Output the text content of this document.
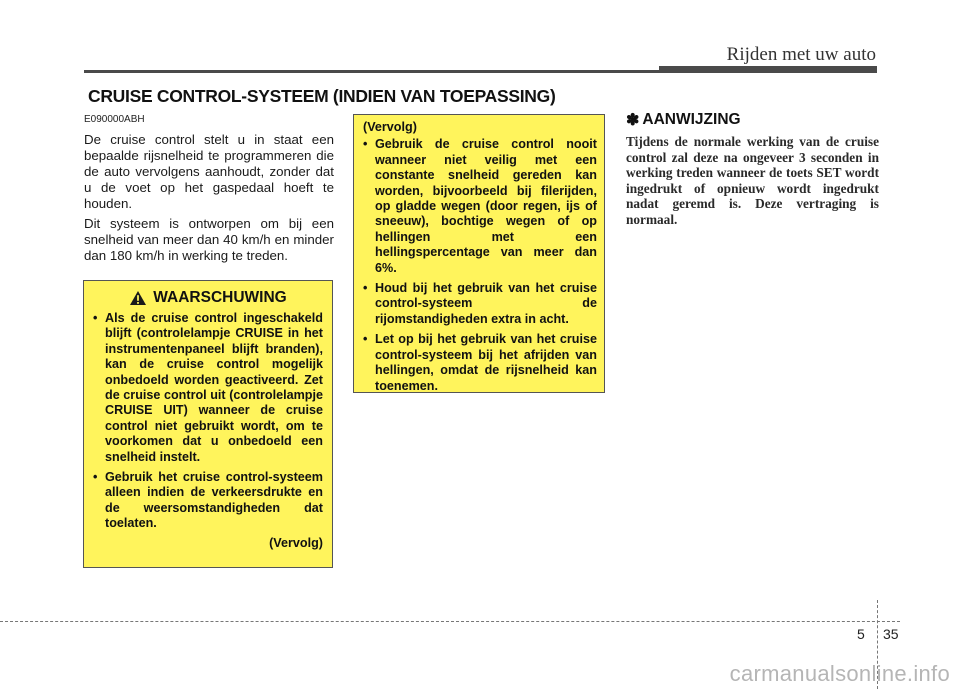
Rijden met uw auto
CRUISE CONTROL-SYSTEEM (INDIEN VAN TOEPASSING)
E090000ABH

De cruise control stelt u in staat een bepaalde rijsnelheid te programmeren die de auto vervolgens aanhoudt, zonder dat u de voet op het gaspedaal hoeft te houden.

Dit systeem is ontworpen om bij een snelheid van meer dan 40 km/h en minder dan 180 km/h in werking te treden.

WAARSCHUWING
• Als de cruise control ingeschakeld blijft (controlelampje CRUISE in het instrumentenpaneel blijft branden), kan de cruise control mogelijk onbedoeld worden geactiveerd. Zet de cruise control uit (controlelampje CRUISE UIT) wanneer de cruise control niet gebruikt wordt, om te voorkomen dat u onbedoeld een snelheid instelt.
• Gebruik het cruise control-systeem alleen indien de verkeersdrukte en de weersomstandigheden dat toelaten.
(Vervolg)
(Vervolg)
• Gebruik de cruise control nooit wanneer niet veilig met een constante snelheid gereden kan worden, bijvoorbeeld bij filerijden, op gladde wegen (door regen, ijs of sneeuw), bochtige wegen of op hellingen met een hellingspercentage van meer dan 6%.
• Houd bij het gebruik van het cruise control-systeem de rijomstandigheden extra in acht.
• Let op bij het gebruik van het cruise control-systeem bij het afrijden van hellingen, omdat de rijsnelheid kan toenemen.
✽ AANWIJZING

Tijdens de normale werking van de cruise control zal deze na ongeveer 3 seconden in werking treden wanneer de toets SET wordt ingedrukt of opnieuw wordt ingedrukt nadat geremd is. Deze vertraging is normaal.

5 35
carmanualsonline.info
